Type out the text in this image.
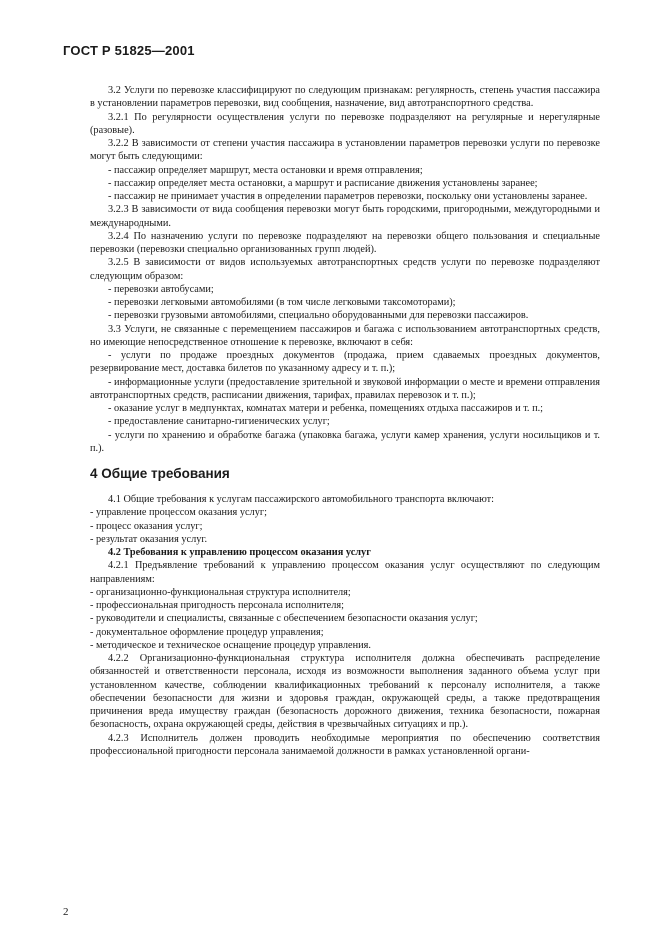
ГОСТ Р 51825—2001

3.2 Услуги по перевозке классифицируют по следующим признакам: регулярность, степень участия пассажира в установлении параметров перевозки, вид сообщения, назначение, вид автотранспортного средства.

3.2.1 По регулярности осуществления услуги по перевозке подразделяют на регулярные и нерегулярные (разовые).

3.2.2 В зависимости от степени участия пассажира в установлении параметров перевозки услуги по перевозке могут быть следующими:

- пассажир определяет маршрут, места остановки и время отправления;

- пассажир определяет места остановки, а маршрут и расписание движения установлены заранее;

- пассажир не принимает участия в определении параметров перевозки, поскольку они установлены заранее.

3.2.3 В зависимости от вида сообщения перевозки могут быть городскими, пригородными, междугородными и международными.

3.2.4 По назначению услуги по перевозке подразделяют на перевозки общего пользования и специальные перевозки (перевозки специально организованных групп людей).

3.2.5 В зависимости от видов используемых автотранспортных средств услуги по перевозке подразделяют следующим образом:

- перевозки автобусами;

- перевозки легковыми автомобилями (в том числе легковыми таксомоторами);

- перевозки грузовыми автомобилями, специально оборудованными для перевозки пассажиров.

3.3 Услуги, не связанные с перемещением пассажиров и багажа с использованием автотранспортных средств, но имеющие непосредственное отношение к перевозке, включают в себя:

- услуги по продаже проездных документов (продажа, прием сдаваемых проездных документов, резервирование мест, доставка билетов по указанному адресу и т. п.);

- информационные услуги (предоставление зрительной и звуковой информации о месте и времени отправления автотранспортных средств, расписании движения, тарифах, правилах перевозок и т. п.);

- оказание услуг в медпунктах, комнатах матери и ребенка, помещениях отдыха пассажиров и т. п.;

- предоставление санитарно-гигиенических услуг;

- услуги по хранению и обработке багажа (упаковка багажа, услуги камер хранения, услуги носильщиков и т. п.).

4 Общие требования

4.1 Общие требования к услугам пассажирского автомобильного транспорта включают:

- управление процессом оказания услуг;

- процесс оказания услуг;

- результат оказания услуг.

4.2 Требования к управлению процессом оказания услуг

4.2.1 Предъявление требований к управлению процессом оказания услуг осуществляют по следующим направлениям:

- организационно-функциональная структура исполнителя;

- профессиональная пригодность персонала исполнителя;

- руководители и специалисты, связанные с обеспечением безопасности оказания услуг;

- документальное оформление процедур управления;

- методическое и техническое оснащение процедур управления.

4.2.2 Организационно-функциональная структура исполнителя должна обеспечивать распределение обязанностей и ответственности персонала, исходя из возможности выполнения заданного объема услуг при установленном качестве, соблюдении квалификационных требований к персоналу исполнителя, а также обеспечении безопасности для жизни и здоровья граждан, окружающей среды, а также предотвращения причинения вреда имуществу граждан (безопасность дорожного движения, техника безопасности, пожарная безопасность, охрана окружающей среды, действия в чрезвычайных ситуациях и пр.).

4.2.3 Исполнитель должен проводить необходимые мероприятия по обеспечению соответствия профессиональной пригодности персонала занимаемой должности в рамках установленной органи-

2
